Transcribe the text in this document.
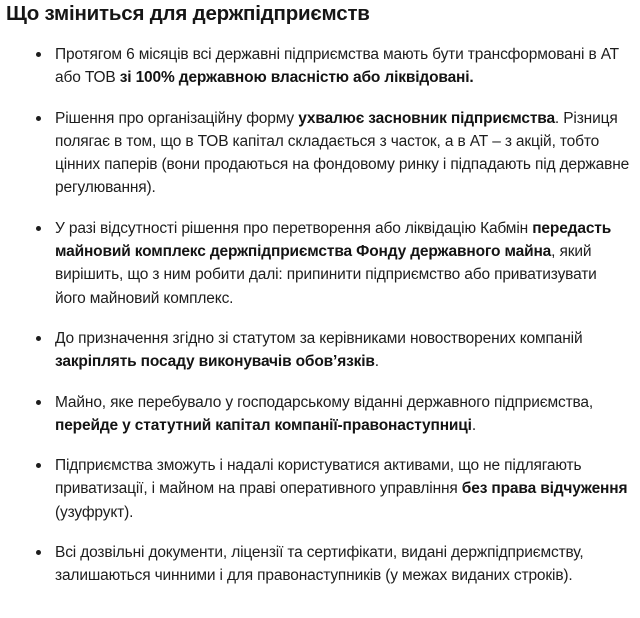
Що зміниться для держпідприємств
Протягом 6 місяців всі державні підприємства мають бути трансформовані в АТ або ТОВ зі 100% державною власністю або ліквідовані.
Рішення про організаційну форму ухвалює засновник підприємства. Різниця полягає в том, що в ТОВ капітал складається з часток, а в АТ – з акцій, тобто цінних паперів (вони продаються на фондовому ринку і підпадають під державне регулювання).
У разі відсутності рішення про перетворення або ліквідацію Кабмін передасть майновий комплекс держпідприємства Фонду державного майна, який вирішить, що з ним робити далі: припинити підприємство або приватизувати його майновий комплекс.
До призначення згідно зі статутом за керівниками новостворених компаній закріплять посаду виконувачів обов’язків.
Майно, яке перебувало у господарському віданні державного підприємства, перейде у статутний капітал компанії-правонаступниці.
Підприємства зможуть і надалі користуватися активами, що не підлягають приватизації, і майном на праві оперативного управління без права відчуження (узуфрукт).
Всі дозвільні документи, ліцензії та сертифікати, видані держпідприємству, залишаються чинними і для правонаступників (у межах виданих строків).
